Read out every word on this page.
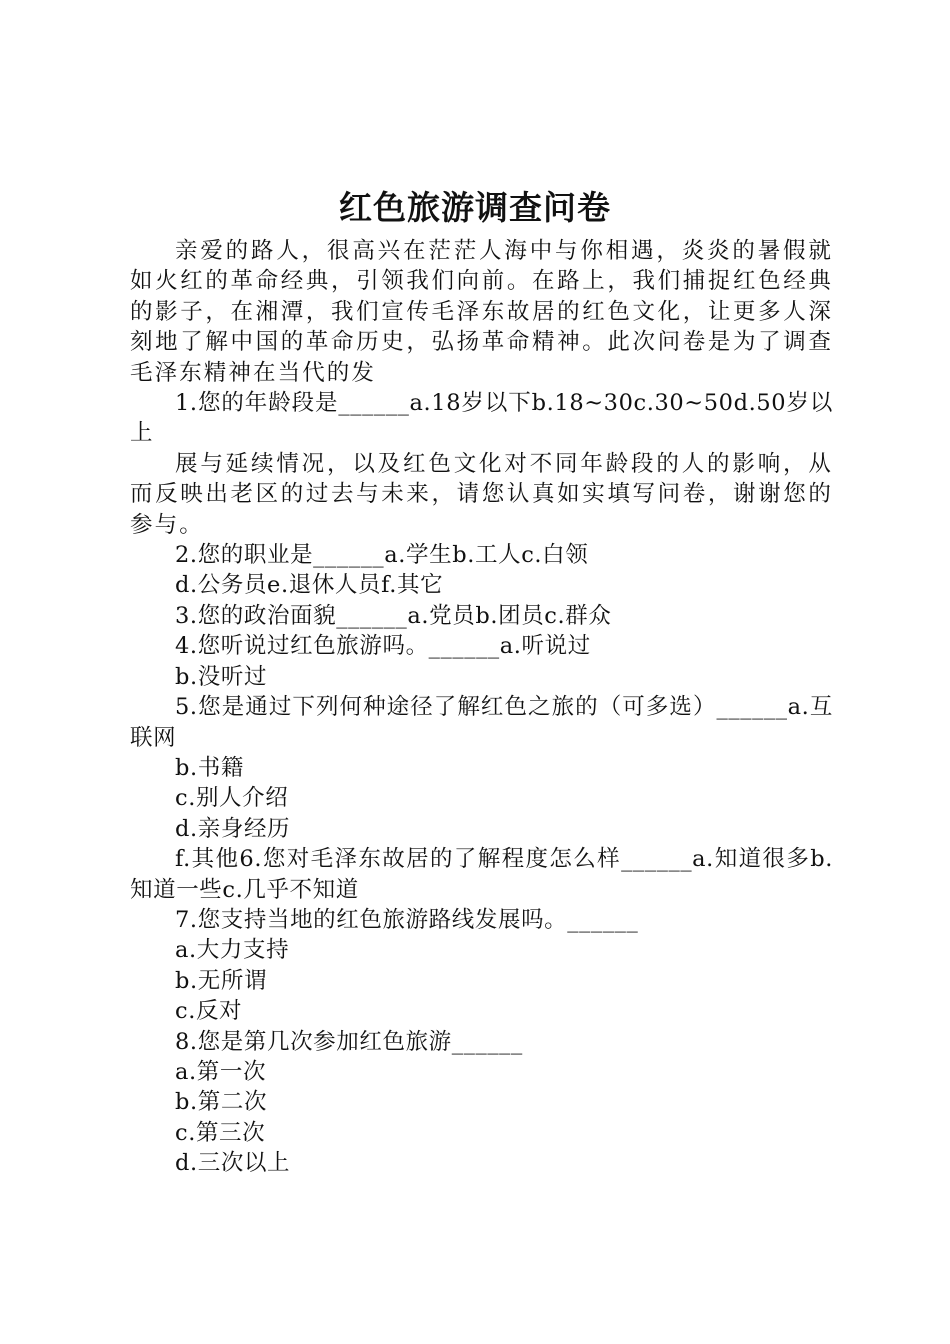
红色旅游调查问卷

亲爱的路人，很高兴在茫茫人海中与你相遇，炎炎的暑假就如火红的革命经典，引领我们向前。在路上，我们捕捉红色经典的影子，在湘潭，我们宣传毛泽东故居的红色文化，让更多人深刻地了解中国的革命历史，弘扬革命精神。此次问卷是为了调查毛泽东精神在当代的发

1.您的年龄段是______a.18岁以下b.18~30c.30~50d.50岁以上

展与延续情况，以及红色文化对不同年龄段的人的影响，从而反映出老区的过去与未来，请您认真如实填写问卷，谢谢您的参与。

2.您的职业是______a.学生b.工人c.白领

d.公务员e.退休人员f.其它

3.您的政治面貌______a.党员b.团员c.群众

4.您听说过红色旅游吗。______a.听说过

b.没听过

5.您是通过下列何种途径了解红色之旅的（可多选）______a.互联网

b.书籍

c.别人介绍

d.亲身经历

f.其他6.您对毛泽东故居的了解程度怎么样______a.知道很多b.知道一些c.几乎不知道

7.您支持当地的红色旅游路线发展吗。______

a.大力支持

b.无所谓

c.反对

8.您是第几次参加红色旅游______

a.第一次

b.第二次

c.第三次

d.三次以上
